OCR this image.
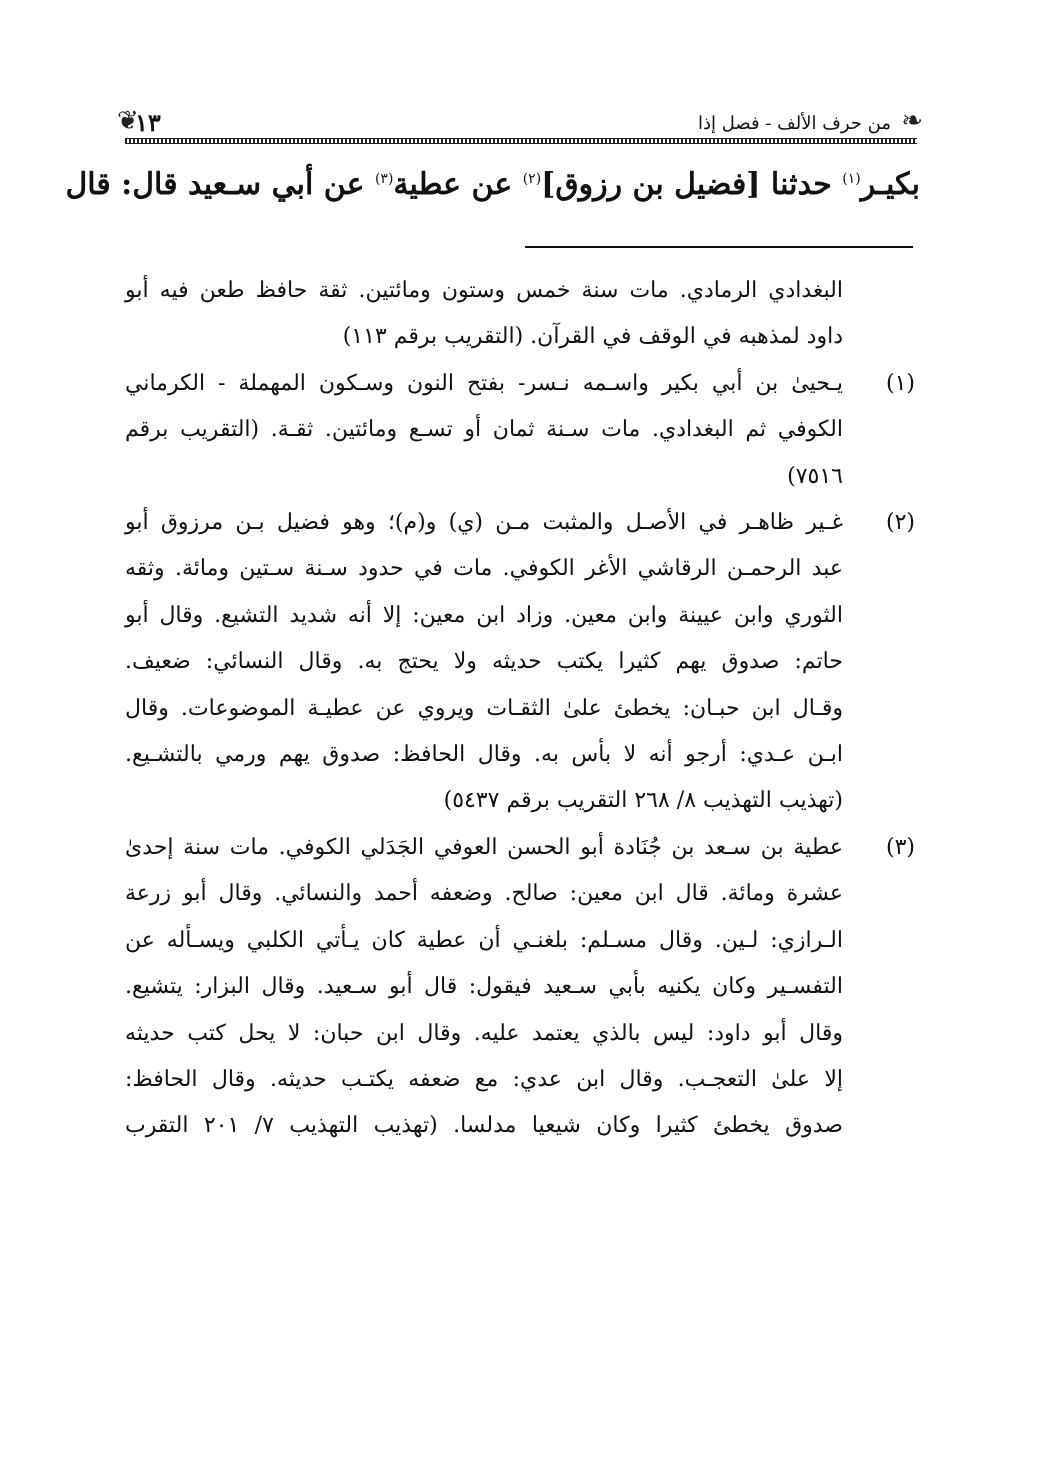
❦
١٣	من حرف الألف - فصل إذا ❧
بكيـر$^{(١)}$ حدثنا [فضيل بن رزوق]$^{(٢)}$ عن عطية$^{(٣)}$ عن أبي سـعيد قال: قال
البغدادي الرمادي. مات سنة خمس وستون ومائتين. ثقة حافظ طعن فيه أبو
داود لمذهبه في الوقف في القرآن. (التقريب برقم ١١٣)
(١)
يـحيىٰ بن أبي بكير واسـمه نـسر- بفتح النون وسـكون المهملة - الكرماني
الكوفي ثم البغدادي. مات سـنة ثمان أو تسـع ومائتين. ثقـة. (التقريب برقم
٧٥١٦)
(٢)
غـير ظاهـر في الأصـل والمثبت مـن (ي) و(م)؛ وهو فضيل بـن مرزوق أبو
عبد الرحمـن الرقاشي الأغر الكوفي. مات في حدود سـنة سـتين ومائة. وثقه
الثوري وابن عيينة وابن معين. وزاد ابن معين: إلا أنه شديد التشيع. وقال أبو
حاتم: صدوق يهم كثيرا يكتب حديثه ولا يحتج به. وقال النسائي: ضعيف.
وقـال ابن حبـان: يخطئ علىٰ الثقـات ويروي عن عطيـة الموضوعات. وقال
ابـن عـدي: أرجو أنه لا بأس به. وقال الحافظ: صدوق يهم ورمي بالتشـيع.
(تهذيب التهذيب ٨/ ٢٦٨ التقريب برقم ٥٤٣٧)
(٣)
عطية بن سـعد بن جُنَادة أبو الحسن العوفي الجَدَلي الكوفي. مات سنة إحدىٰ
عشرة ومائة. قال ابن معين: صالح. وضعفه أحمد والنسائي. وقال أبو زرعة
الـرازي: لـين. وقال مسـلم: بلغنـي أن عطية كان يـأتي الكلبي ويسـأله عن
التفسـير وكان يكنيه بأبي سـعيد فيقول: قال أبو سـعيد. وقال البزار: يتشيع.
وقال أبو داود: ليس بالذي يعتمد عليه. وقال ابن حبان: لا يحل كتب حديثه
إلا علىٰ التعجـب. وقال ابن عدي: مع ضعفه يكتـب حديثه. وقال الحافظ:
صدوق يخطئ كثيرا وكان شيعيا مدلسا. (تهذيب التهذيب ٧/ ٢٠١ التقرب
